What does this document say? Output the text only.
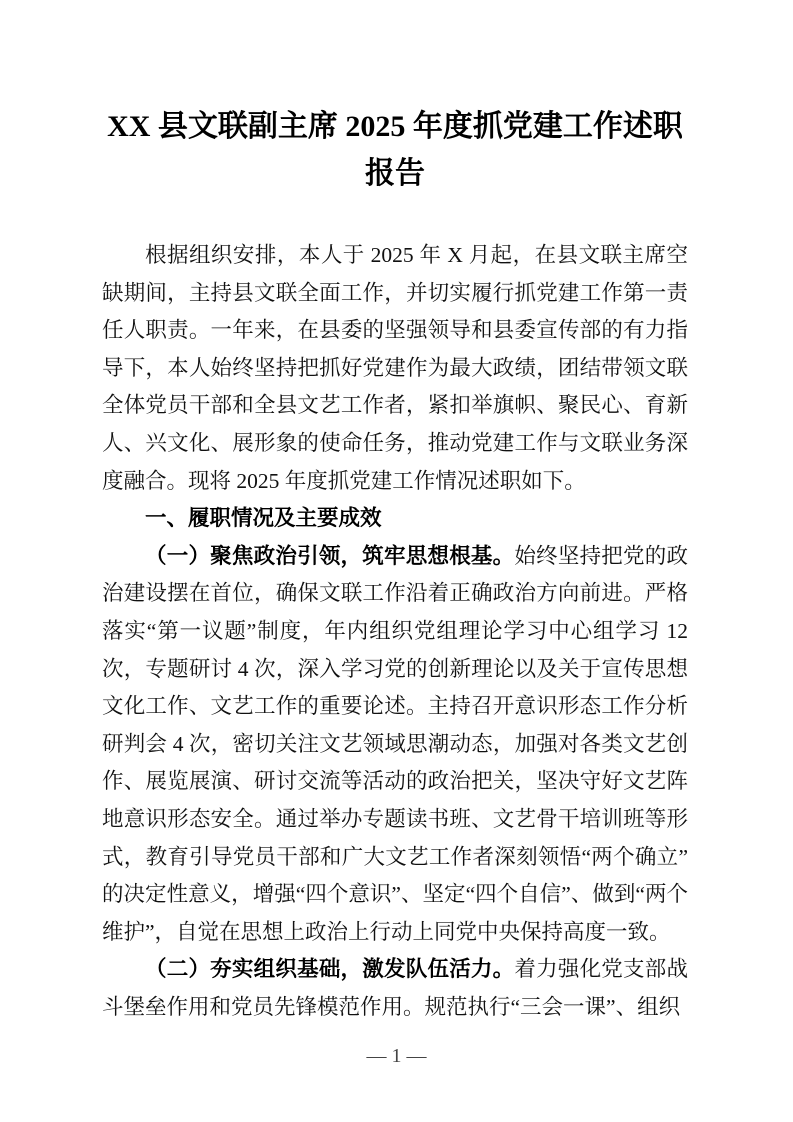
XX 县文联副主席 2025 年度抓党建工作述职报告

根据组织安排，本人于 2025 年 X 月起，在县文联主席空缺期间，主持县文联全面工作，并切实履行抓党建工作第一责任人职责。一年来，在县委的坚强领导和县委宣传部的有力指导下，本人始终坚持把抓好党建作为最大政绩，团结带领文联全体党员干部和全县文艺工作者，紧扣举旗帜、聚民心、育新人、兴文化、展形象的使命任务，推动党建工作与文联业务深度融合。现将 2025 年度抓党建工作情况述职如下。

一、履职情况及主要成效

（一）聚焦政治引领，筑牢思想根基。始终坚持把党的政治建设摆在首位，确保文联工作沿着正确政治方向前进。严格落实“第一议题”制度，年内组织党组理论学习中心组学习 12 次，专题研讨 4 次，深入学习党的创新理论以及关于宣传思想文化工作、文艺工作的重要论述。主持召开意识形态工作分析研判会 4 次，密切关注文艺领域思潮动态，加强对各类文艺创作、展览展演、研讨交流等活动的政治把关，坚决守好文艺阵地意识形态安全。通过举办专题读书班、文艺骨干培训班等形式，教育引导党员干部和广大文艺工作者深刻领悟“两个确立”的决定性意义，增强“四个意识”、坚定“四个自信”、做到“两个维护”，自觉在思想上政治上行动上同党中央保持高度一致。

（二）夯实组织基础，激发队伍活力。着力强化党支部战斗堡垒作用和党员先锋模范作用。规范执行“三会一课”、组织

— 1 —
